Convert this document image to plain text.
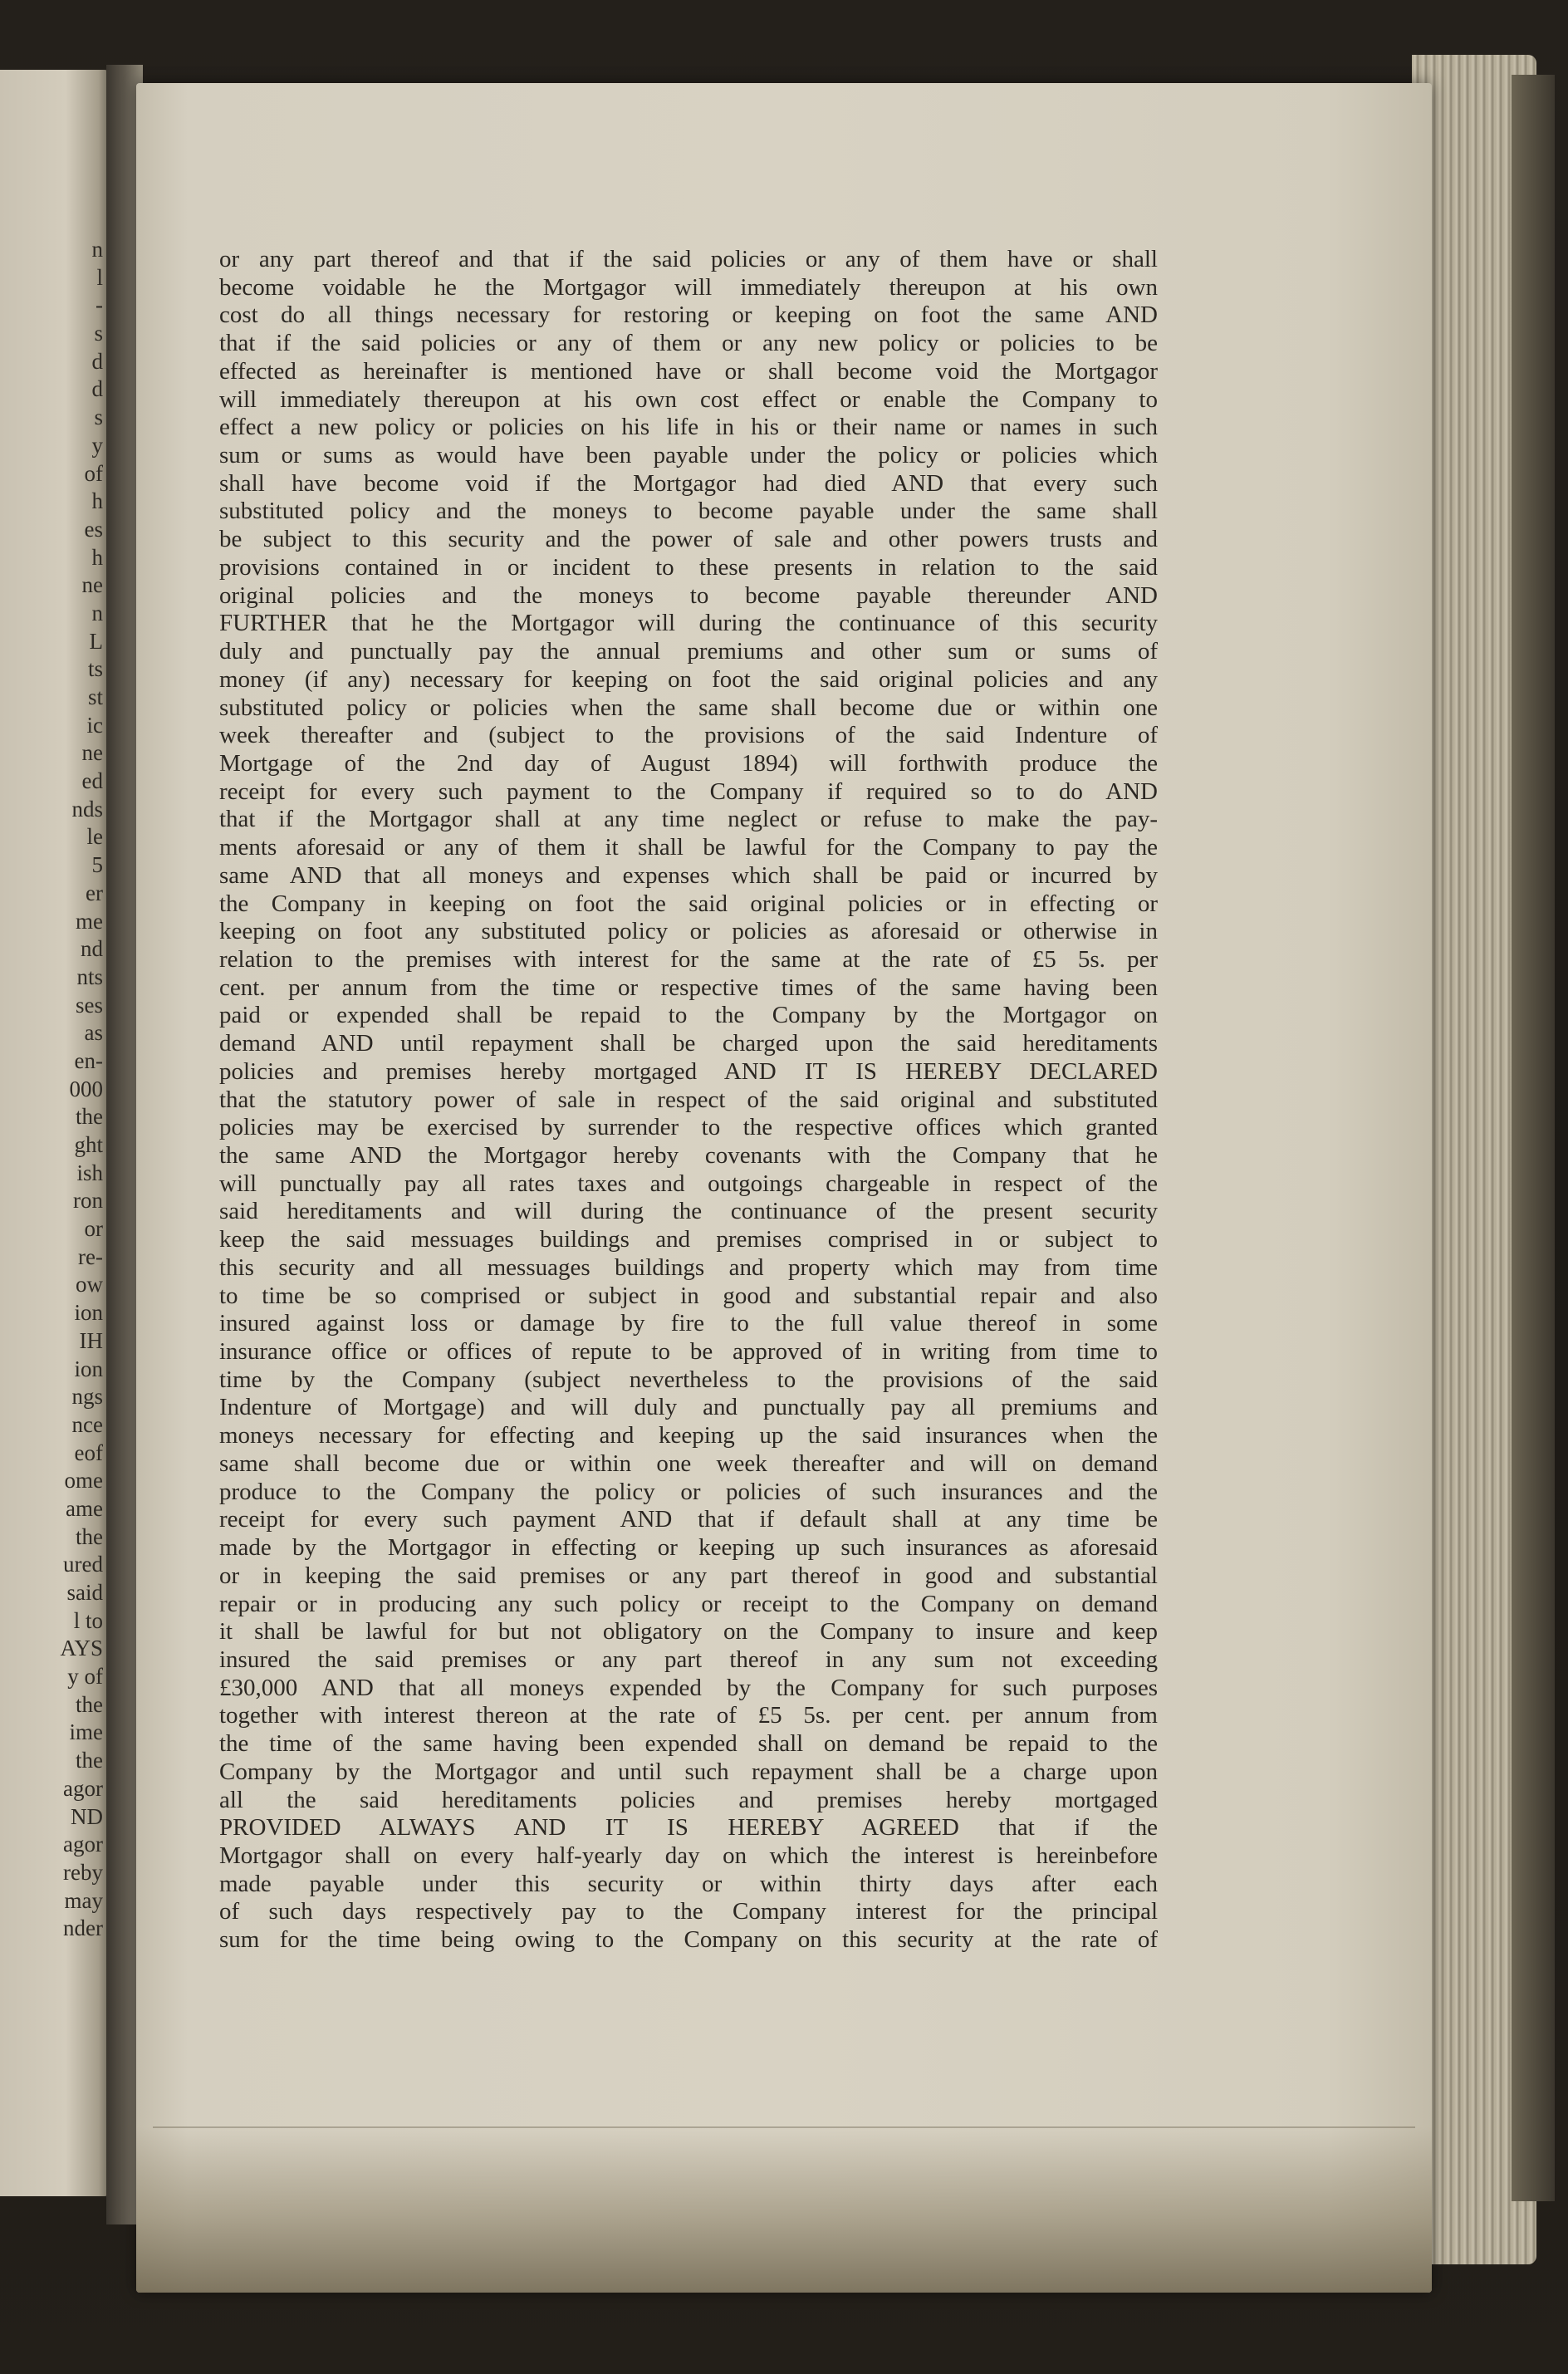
n
l
-
s
d
d
s
y
of
h
es
h
ne
n
L
ts
st
ic
ne
ed
nds
le
5
er
me
nd
nts
ses
as
en-
000
the
ght
ish
ron
or
re-
ow
ion
IH
ion
ngs
nce
eof
ome
ame
the
ured
said
l to
AYS
y of
the
ime
the
agor
ND
agor
reby
may
nder
or any part thereof and that if the said policies or any of them have or shall
become voidable he the Mortgagor will immediately thereupon at his own
cost do all things necessary for restoring or keeping on foot the same AND
that if the said policies or any of them or any new policy or policies to be
effected as hereinafter is mentioned have or shall become void the Mortgagor
will immediately thereupon at his own cost effect or enable the Company to
effect a new policy or policies on his life in his or their name or names in such
sum or sums as would have been payable under the policy or policies which
shall have become void if the Mortgagor had died AND that every such
substituted policy and the moneys to become payable under the same shall
be subject to this security and the power of sale and other powers trusts and
provisions contained in or incident to these presents in relation to the said
original policies and the moneys to become payable thereunder AND
FURTHER that he the Mortgagor will during the continuance of this security
duly and punctually pay the annual premiums and other sum or sums of
money (if any) necessary for keeping on foot the said original policies and any
substituted policy or policies when the same shall become due or within one
week thereafter and (subject to the provisions of the said Indenture of
Mortgage of the 2nd day of August 1894) will forthwith produce the
receipt for every such payment to the Company if required so to do AND
that if the Mortgagor shall at any time neglect or refuse to make the pay-
ments aforesaid or any of them it shall be lawful for the Company to pay the
same AND that all moneys and expenses which shall be paid or incurred by
the Company in keeping on foot the said original policies or in effecting or
keeping on foot any substituted policy or policies as aforesaid or otherwise in
relation to the premises with interest for the same at the rate of £5 5s. per
cent. per annum from the time or respective times of the same having been
paid or expended shall be repaid to the Company by the Mortgagor on
demand AND until repayment shall be charged upon the said hereditaments
policies and premises hereby mortgaged AND IT IS HEREBY DECLARED
that the statutory power of sale in respect of the said original and substituted
policies may be exercised by surrender to the respective offices which granted
the same AND the Mortgagor hereby covenants with the Company that he
will punctually pay all rates taxes and outgoings chargeable in respect of the
said hereditaments and will during the continuance of the present security
keep the said messuages buildings and premises comprised in or subject to
this security and all messuages buildings and property which may from time
to time be so comprised or subject in good and substantial repair and also
insured against loss or damage by fire to the full value thereof in some
insurance office or offices of repute to be approved of in writing from time to
time by the Company (subject nevertheless to the provisions of the said
Indenture of Mortgage) and will duly and punctually pay all premiums and
moneys necessary for effecting and keeping up the said insurances when the
same shall become due or within one week thereafter and will on demand
produce to the Company the policy or policies of such insurances and the
receipt for every such payment AND that if default shall at any time be
made by the Mortgagor in effecting or keeping up such insurances as aforesaid
or in keeping the said premises or any part thereof in good and substantial
repair or in producing any such policy or receipt to the Company on demand
it shall be lawful for but not obligatory on the Company to insure and keep
insured the said premises or any part thereof in any sum not exceeding
£30,000 AND that all moneys expended by the Company for such purposes
together with interest thereon at the rate of £5 5s. per cent. per annum from
the time of the same having been expended shall on demand be repaid to the
Company by the Mortgagor and until such repayment shall be a charge upon
all the said hereditaments policies and premises hereby mortgaged
PROVIDED ALWAYS AND IT IS HEREBY AGREED that if the
Mortgagor shall on every half-yearly day on which the interest is hereinbefore
made payable under this security or within thirty days after each
of such days respectively pay to the Company interest for the principal
sum for the time being owing to the Company on this security at the rate of
